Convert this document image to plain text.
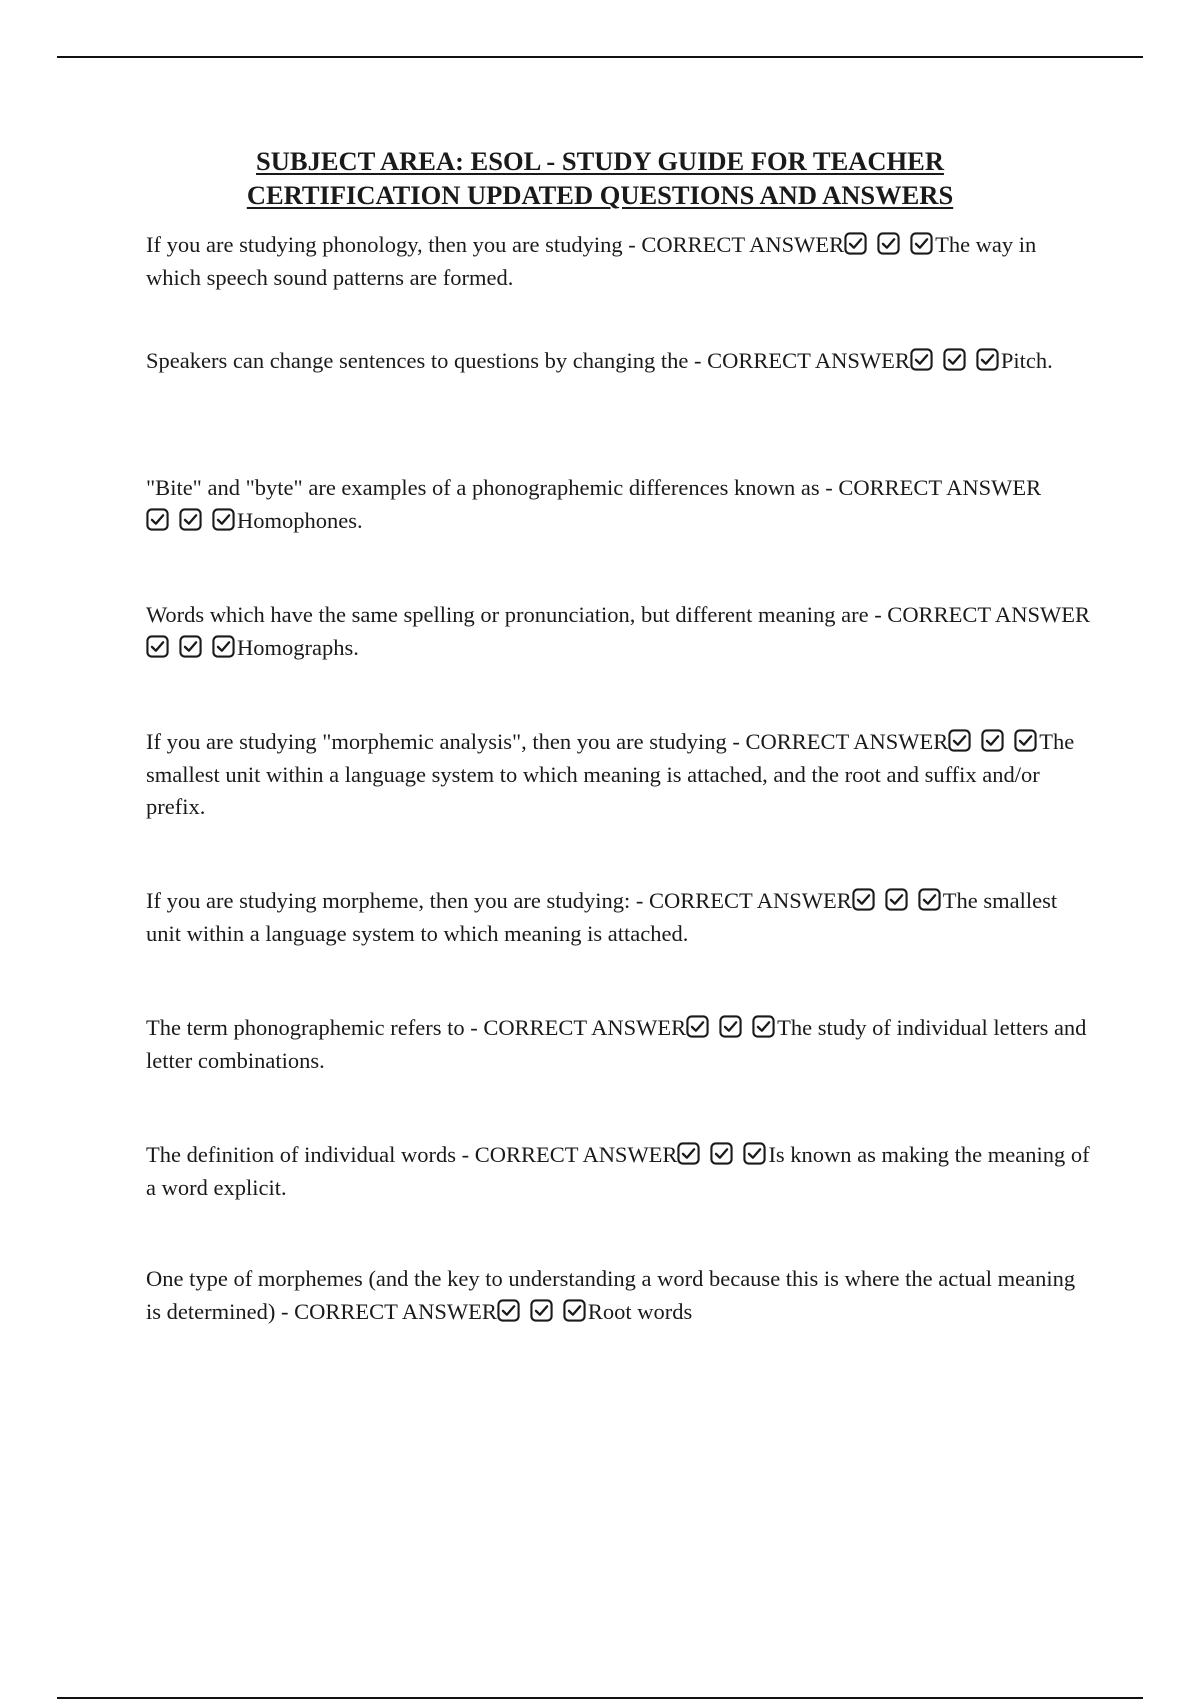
SUBJECT AREA: ESOL - STUDY GUIDE FOR TEACHER
CERTIFICATION UPDATED QUESTIONS AND ANSWERS
If you are studying phonology, then you are studying - CORRECT ANSWER	The way in which speech sound patterns are formed.
Speakers can change sentences to questions by changing the - CORRECT ANSWER	Pitch.
"Bite" and "byte" are examples of a phonographemic differences known as - CORRECT ANSWER
Homophones.
Words which have the same spelling or pronunciation, but different meaning are - CORRECT ANSWER
Homographs.
If you are studying "morphemic analysis", then you are studying - CORRECT ANSWER	The smallest unit within a language system to which meaning is attached, and the root and suffix and/or prefix.
If you are studying morpheme, then you are studying: - CORRECT ANSWER	The smallest unit within a language system to which meaning is attached.
The term phonographemic refers to - CORRECT ANSWER	The study of individual letters and letter combinations.
The definition of individual words - CORRECT ANSWER	Is known as making the meaning of a word explicit.
One type of morphemes (and the key to understanding a word because this is where the actual meaning is determined) - CORRECT ANSWER	Root words
